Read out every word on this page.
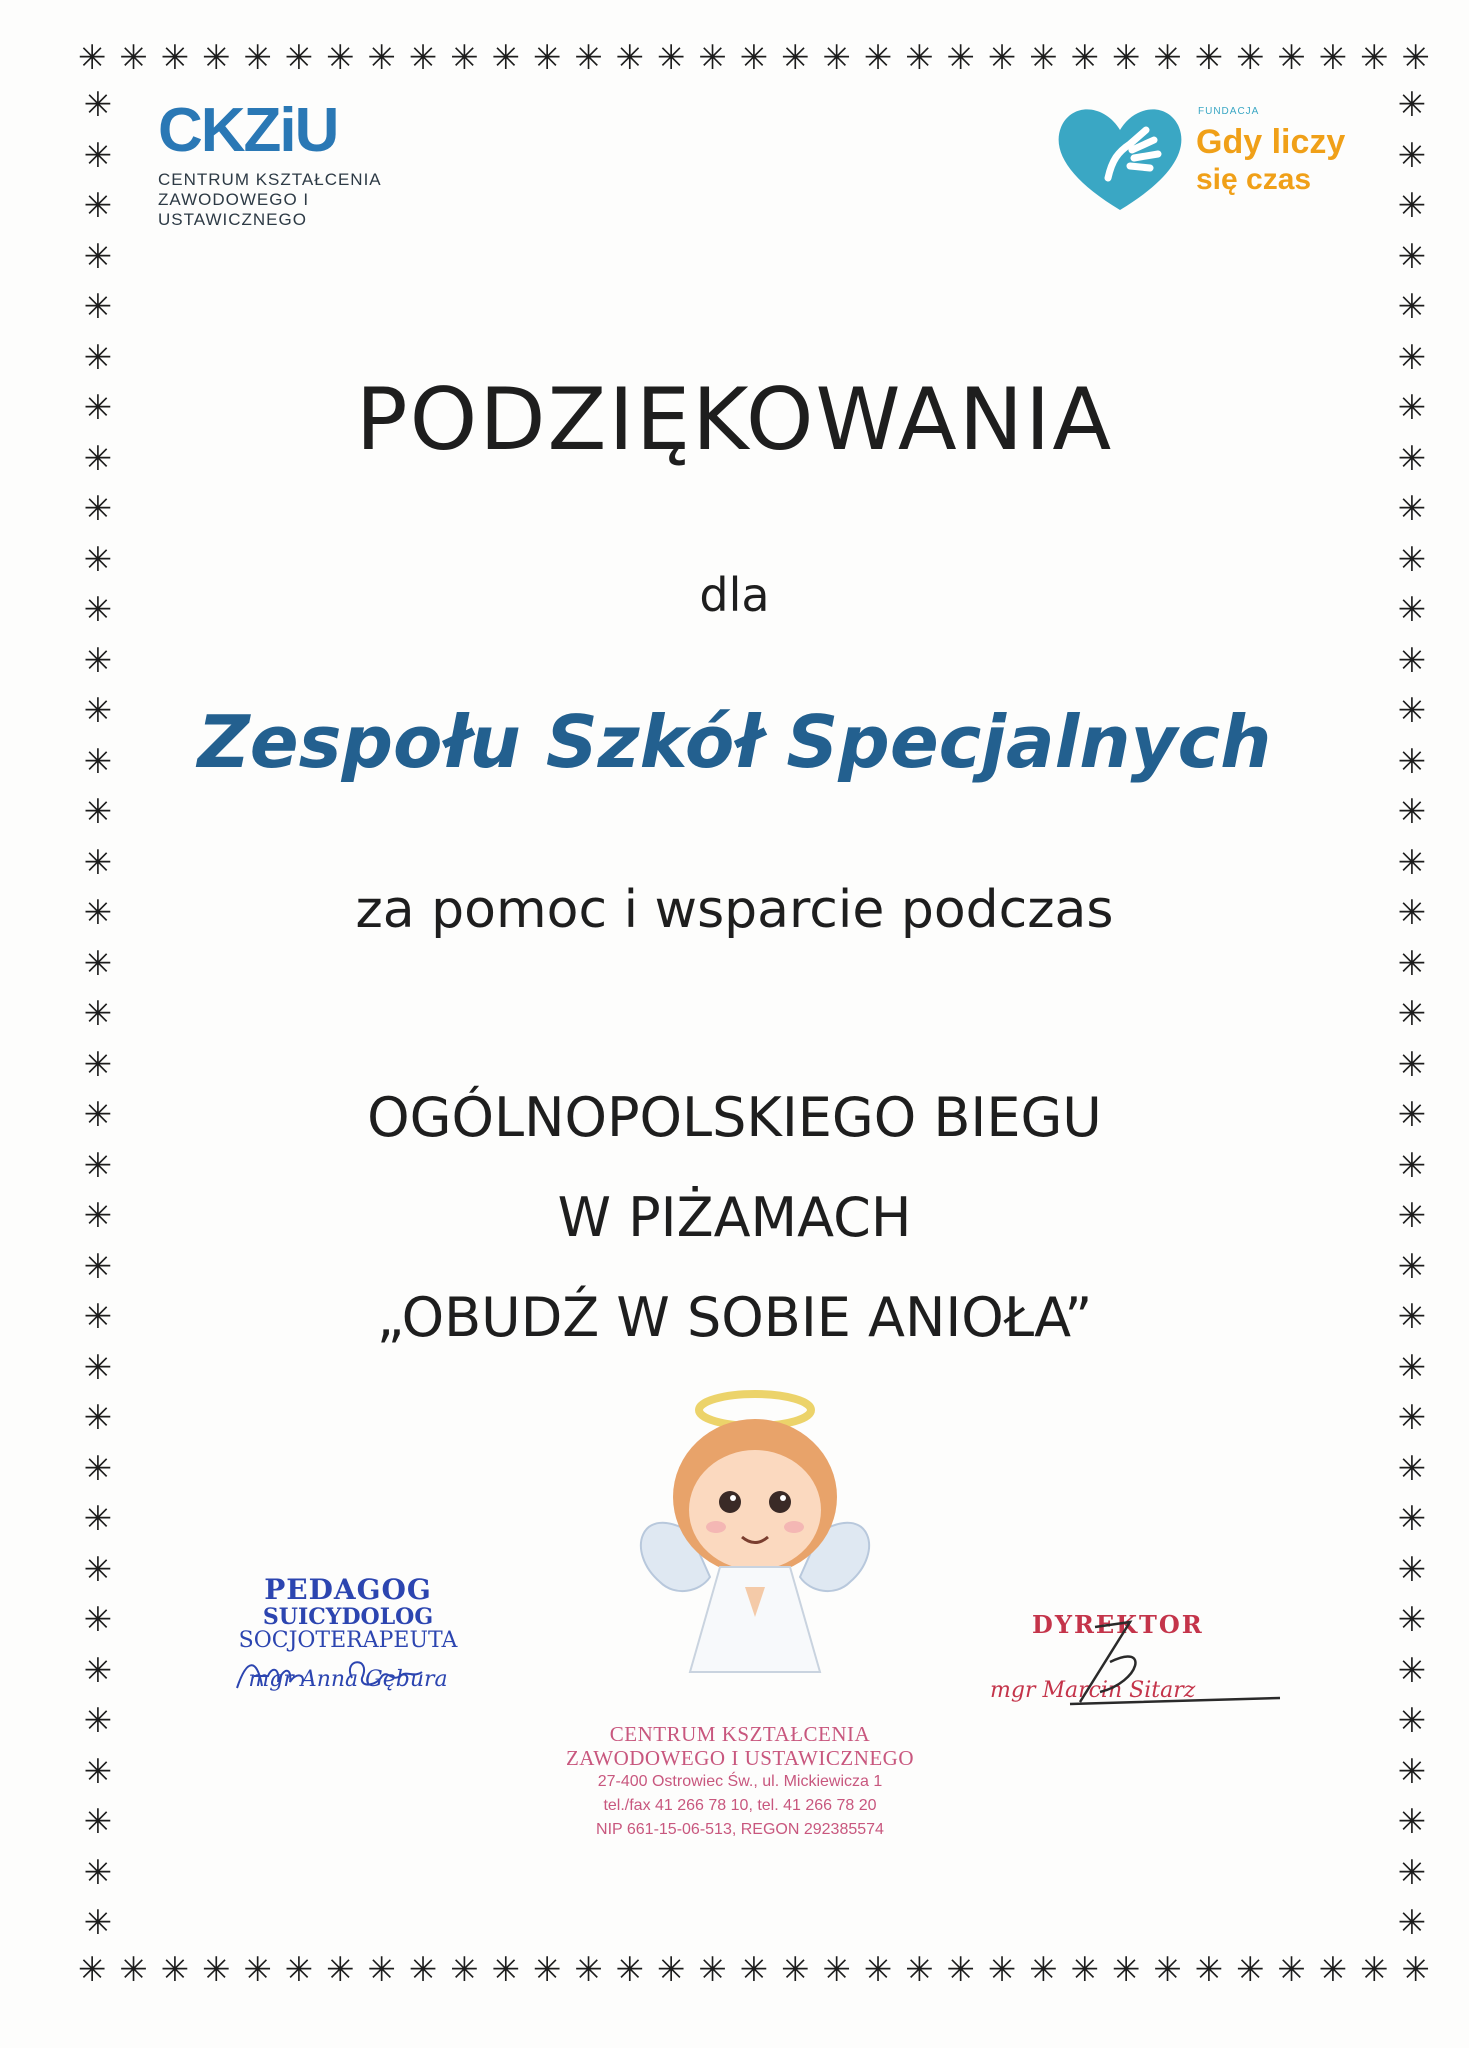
✳ ✳ ✳ ✳ ✳ ✳ ✳ ✳ ✳ ✳ ✳ ✳ ✳ ✳ ✳ ✳ ✳ ✳ ✳ ✳ ✳ ✳ ✳ ✳ ✳ ✳ ✳ ✳ ✳ ✳ ✳ ✳ ✳
✳ ✳ ✳ ✳ ✳ ✳ ✳ ✳ ✳ ✳ ✳ ✳ ✳ ✳ ✳ ✳ ✳ ✳ ✳ ✳ ✳ ✳ ✳ ✳ ✳ ✳ ✳ ✳ ✳ ✳ ✳ ✳ ✳
✳
✳
✳
✳
✳
✳
✳
✳
✳
✳
✳
✳
✳
✳
✳
✳
✳
✳
✳
✳
✳
✳
✳
✳
✳
✳
✳
✳
✳
✳
✳
✳
✳
✳
✳
✳
✳
✳
✳
✳
✳
✳
✳
✳
✳
✳
✳
✳
✳
✳
✳
✳
✳
✳
✳
✳
✳
✳
✳
✳
✳
✳
✳
✳
✳
✳
✳
✳
✳
✳
✳
✳
✳
✳
CKZiU
CENTRUM KSZTAŁCENIA
ZAWODOWEGO I USTAWICZNEGO
FUNDACJA
Gdy liczy
się czas
PODZIĘKOWANIA
dla
Zespołu Szkół Specjalnych
za pomoc i wsparcie podczas
OGÓLNOPOLSKIEGO BIEGU
W PIŻAMACH
„OBUDŹ W SOBIE ANIOŁA”
PEDAGOG
SUICYDOLOG
SOCJOTERAPEUTA
mgr Anna Gębura
DYREKTOR
mgr Marcin Sitarz
CENTRUM KSZTAŁCENIA
ZAWODOWEGO I USTAWICZNEGO
27-400 Ostrowiec Św., ul. Mickiewicza 1
tel./fax 41 266 78 10, tel. 41 266 78 20
NIP 661-15-06-513, REGON 292385574
